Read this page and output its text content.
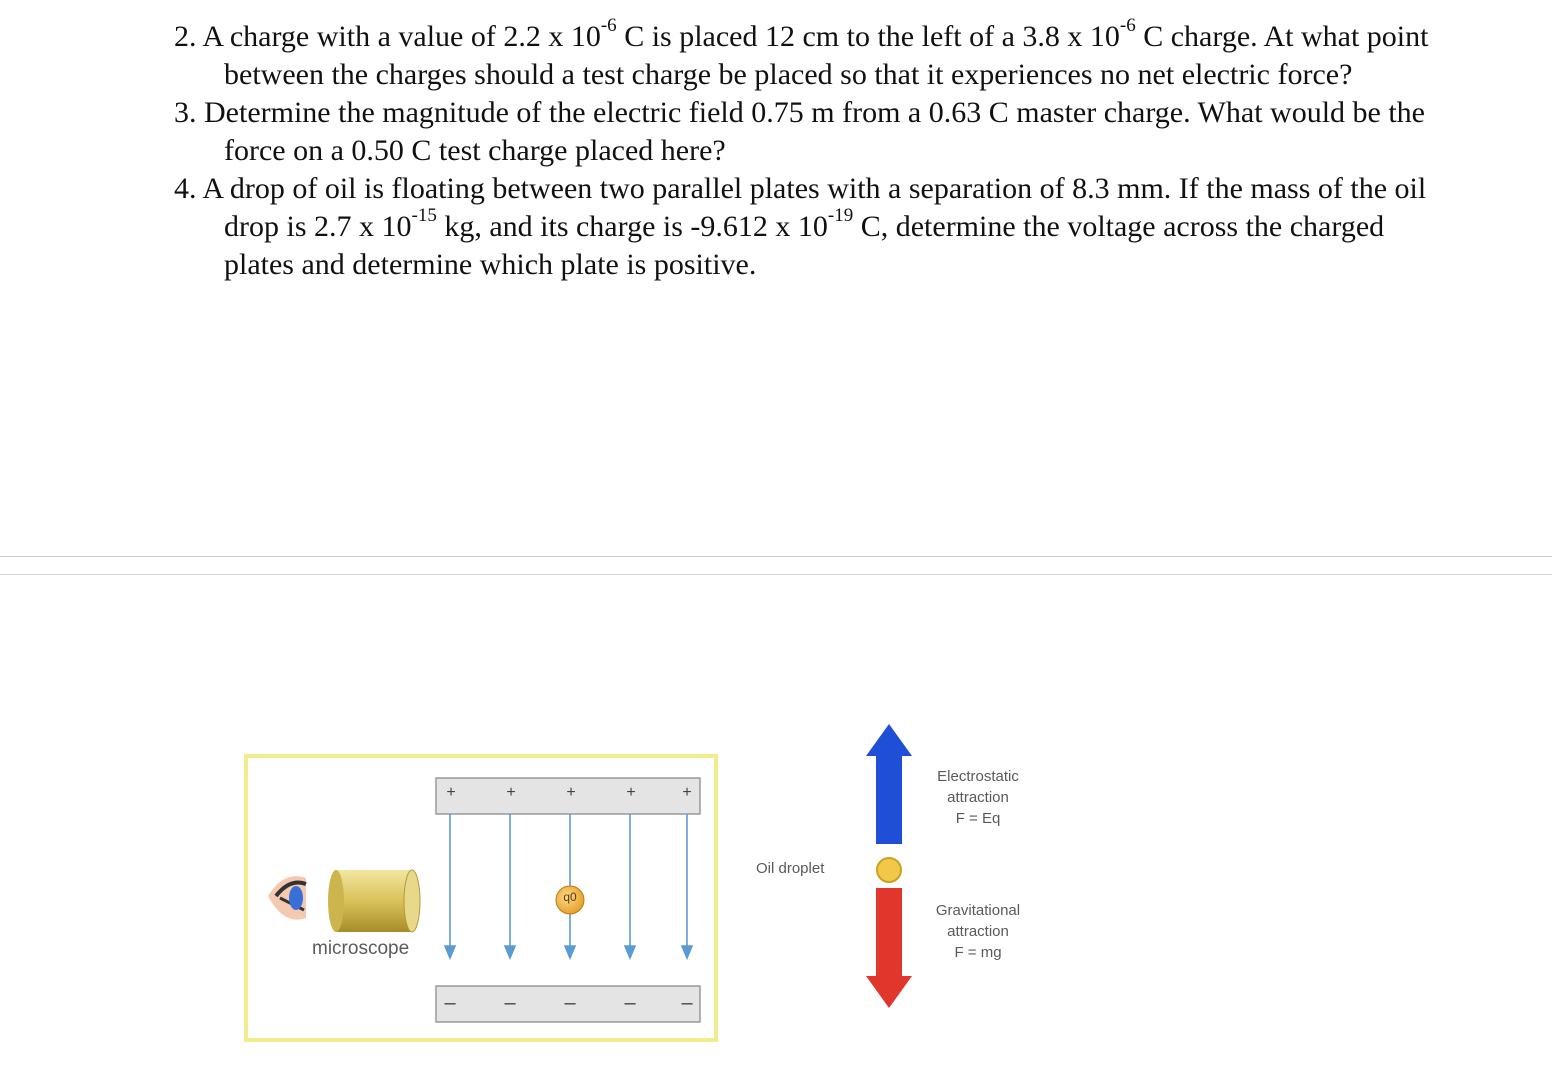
2. A charge with a value of 2.2 x $10^{-6}$ C is placed 12 cm to the left of a 3.8 x $10^{-6}$ C charge. At what point between the charges should a test charge be placed so that it experiences no net electric force?
3. Determine the magnitude of the electric field 0.75 m from a 0.63 C master charge. What would be the force on a 0.50 C test charge placed here?
4. A drop of oil is floating between two parallel plates with a separation of 8.3 mm. If the mass of the oil drop is 2.7 x $10^{-15}$ kg, and its charge is -9.612 x $10^{-19}$ C, determine the voltage across the charged plates and determine which plate is positive.
+	+	+	+	+
– – – – –
q0
microscope
Oil droplet
Electrostatic
attraction
F = Eq
Gravitational
attraction
F = mg
